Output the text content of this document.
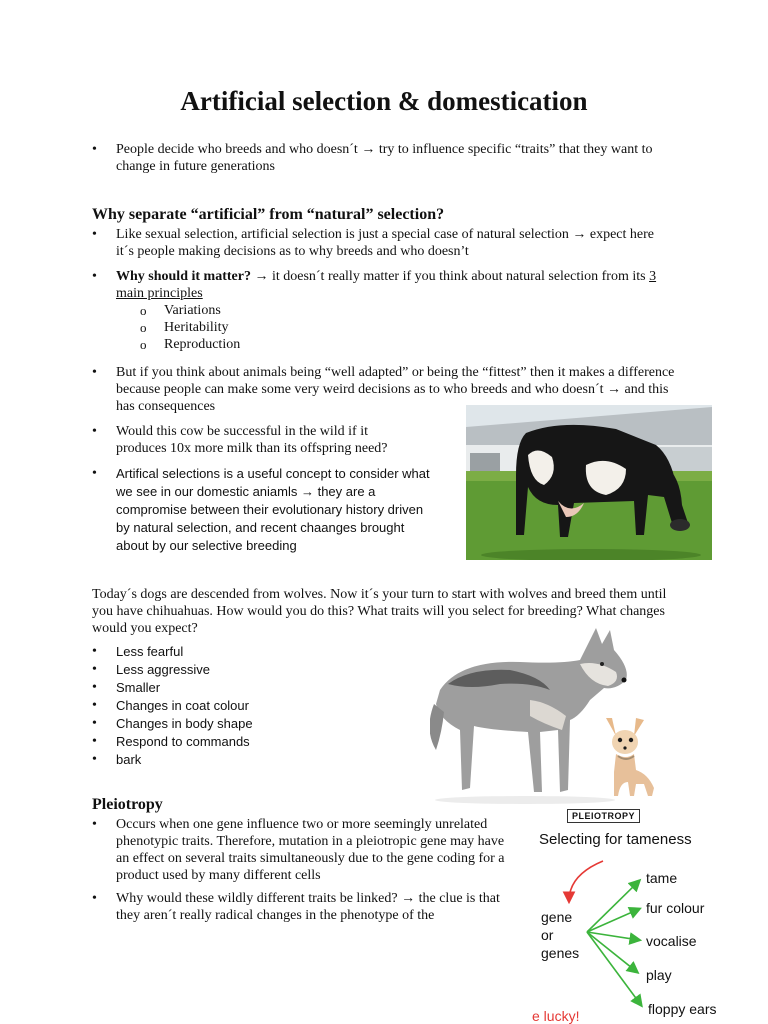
Artificial selection & domestication
• People decide who breeds and who doesn´t → try to influence specific “traits” that they want to change in future generations
Why separate “artificial” from “natural” selection?
• Like sexual selection, artificial selection is just a special case of natural selection → expect here it´s people making decisions as to why breeds and who doesn’t
• Why should it matter? → it doesn´t really matter if you think about natural selection from its 3 main principles
o Variations
o Heritability
o Reproduction
• But if you think about animals being “well adapted” or being the “fittest” then it makes a difference because people can make some very weird decisions as to who breeds and who doesn´t → and this has consequences
• Would this cow be successful in the wild if it produces 10x more milk than its offspring need?
• Artifical selections is a useful concept to consider what we see in our domestic aniamls → they are a compromise between their evolutionary history driven by natural selection, and recent chaanges brought about by our selective breeding
Today´s dogs are descended from wolves. Now it´s your turn to start with wolves and breed them until you have chihuahuas. How would you do this? What traits will you select for breeding? What changes would you expect?
• Less fearful
• Less aggressive
• Smaller
• Changes in coat colour
• Changes in body shape
• Respond to commands
• bark
Pleiotropy
• Occurs when one gene influence two or more seemingly unrelated phenotypic traits. Therefore, mutation in a pleiotropic gene may have an effect on several traits simultaneously due to the gene coding for a product used by many different cells
• Why would these wildly different traits be linked? → the clue is that they aren´t really radical changes in the phenotype of the
PLEIOTROPY
Selecting for tameness
gene
or
genes
tame
fur colour
vocalise
play
floppy ears
e lucky!
